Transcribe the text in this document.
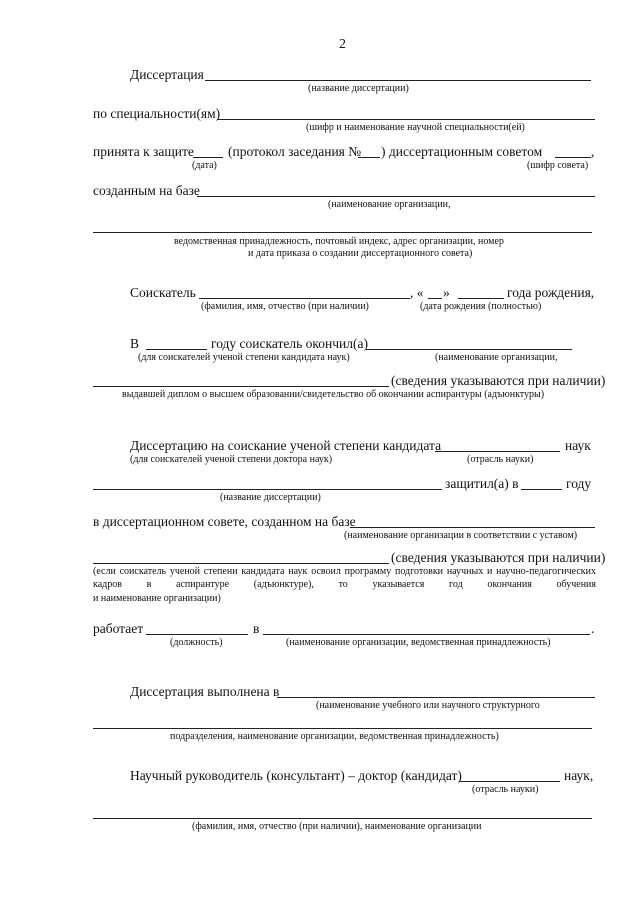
2
Диссертация
(название диссертации)
по специальности(ям)
(шифр и наименование научной специальности(ей)
принята к защите	(протокол заседания № ) диссертационным советом	,
(дата)	(шифр совета)
созданным на базе
(наименование организации,
ведомственная принадлежность, почтовый индекс, адрес организации, номер
и дата приказа о создании диссертационного совета)
Соискатель	, « »	года рождения,
(фамилия, имя, отчество (при наличии)	(дата рождения (полностью)
В	году соискатель окончил(а)
(для соискателей ученой степени кандидата наук)	(наименование организации,
(сведения указываются при наличии)
выдавшей диплом о высшем образовании/свидетельство об окончании аспирантуры (адъюнктуры)
Диссертацию на соискание ученой степени кандидата	наук
(для соискателей ученой степени доктора наук)	(отрасль науки)
защитил(а) в	году
(название диссертации)
в диссертационном совете, созданном на базе
(наименование организации в соответствии с уставом)
(сведения указываются при наличии)
(если соискатель ученой степени кандидата наук освоил программу подготовки научных и научно-педагогических кадров в аспирантуре (адъюнктуре), то указывается год окончания обучения
и наименование организации)
работает	в	.
(должность)	(наименование организации, ведомственная принадлежность)
Диссертация выполнена в
(наименование учебного или научного структурного
подразделения, наименование организации, ведомственная принадлежность)
Научный руководитель (консультант) – доктор (кандидат)	наук,
(отрасль науки)
(фамилия, имя, отчество (при наличии), наименование организации
